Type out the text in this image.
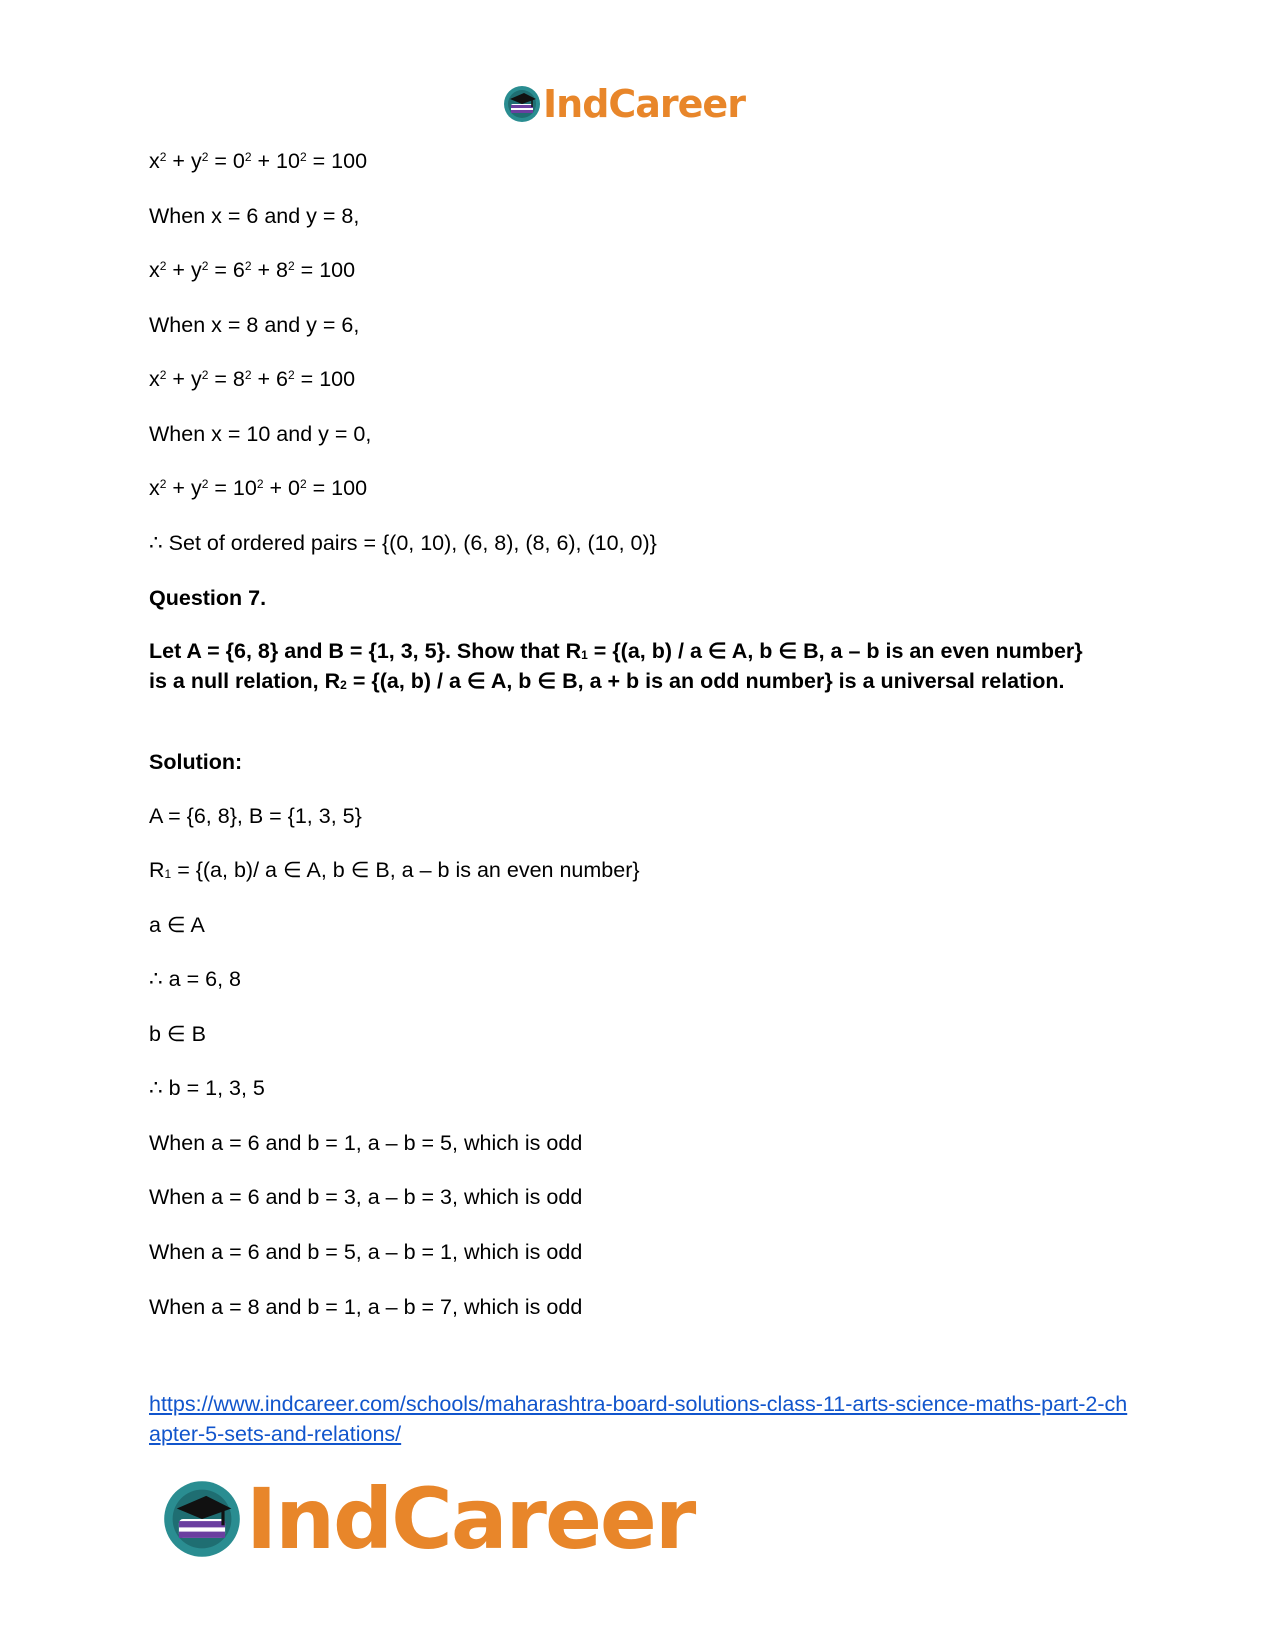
IndCareer
$x^2 + y^2 = 0^2 + 10^2 = 100$
When x = 6 and y = 8,
$x^2 + y^2 = 6^2 + 8^2 = 100$
When x = 8 and y = 6,
$x^2 + y^2 = 8^2 + 6^2 = 100$
When x = 10 and y = 0,
$x^2 + y^2 = 10^2 + 0^2 = 100$
∴ Set of ordered pairs = {(0, 10), (6, 8), (8, 6), (10, 0)}
Question 7.
Let A = {6, 8} and B = {1, 3, 5}. Show that $R_1 = \{(a$, b) / a ∈ A, b ∈ B, a – b is an even number} is a null relation, $R_2 = \{(a$, b) / a ∈ A, b ∈ B, a + b is an odd number} is a universal relation.
Solution:
A = {6, 8}, B = {1, 3, 5}
$R_1 = \{(a$, b)/ a ∈ A, b ∈ B, a – b is an even number}
a ∈ A
∴ a = 6, 8
b ∈ B
∴ b = 1, 3, 5
When a = 6 and b = 1, a – b = 5, which is odd
When a = 6 and b = 3, a – b = 3, which is odd
When a = 6 and b = 5, a – b = 1, which is odd
When a = 8 and b = 1, a – b = 7, which is odd
https://www.indcareer.com/schools/maharashtra-board-solutions-class-11-arts-science-maths-part-2-chapter-5-sets-and-relations/
IndCareer
